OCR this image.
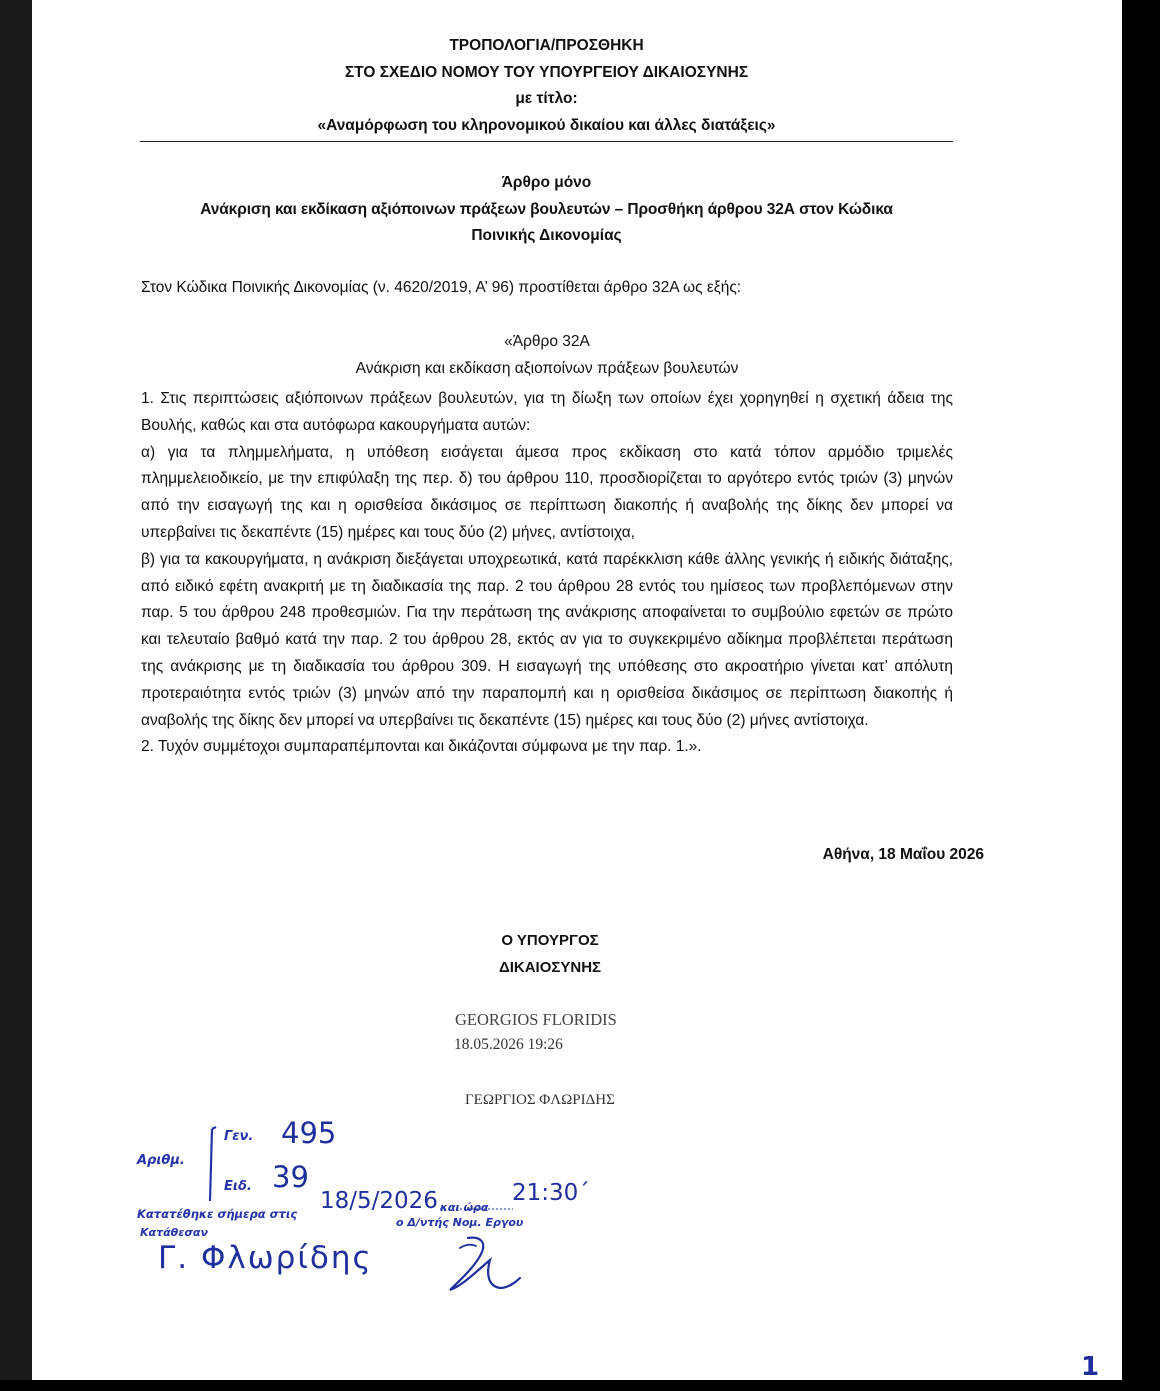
ΤΡΟΠΟΛΟΓΙΑ/ΠΡΟΣΘΗΚΗ
ΣΤΟ ΣΧΕΔΙΟ ΝΟΜΟΥ ΤΟΥ ΥΠΟΥΡΓΕΙΟΥ ΔΙΚΑΙΟΣΥΝΗΣ
με τίτλο:
«Αναμόρφωση του κληρονομικού δικαίου και άλλες διατάξεις»
Άρθρο μόνο
Ανάκριση και εκδίκαση αξιόποινων πράξεων βουλευτών – Προσθήκη άρθρου 32Α στον Κώδικα
Ποινικής Δικονομίας
Στον Κώδικα Ποινικής Δικονομίας (ν. 4620/2019, Α’ 96) προστίθεται άρθρο 32Α ως εξής:
«Άρθρο 32Α
Ανάκριση και εκδίκαση αξιοποίνων πράξεων βουλευτών

1. Στις περιπτώσεις αξιόποινων πράξεων βουλευτών, για τη δίωξη των οποίων έχει χορηγηθεί η σχετική άδεια της Βουλής, καθώς και στα αυτόφωρα κακουργήματα αυτών:

α) για τα πλημμελήματα, η υπόθεση εισάγεται άμεσα προς εκδίκαση στο κατά τόπον αρμόδιο τριμελές πλημμελειοδικείο, με την επιφύλαξη της περ. δ) του άρθρου 110, προσδιορίζεται το αργότερο εντός τριών (3) μηνών από την εισαγωγή της και η ορισθείσα δικάσιμος σε περίπτωση διακοπής ή αναβολής της δίκης δεν μπορεί να υπερβαίνει τις δεκαπέντε (15) ημέρες και τους δύο (2) μήνες, αντίστοιχα,

β) για τα κακουργήματα, η ανάκριση διεξάγεται υποχρεωτικά, κατά παρέκκλιση κάθε άλλης γενικής ή ειδικής διάταξης, από ειδικό εφέτη ανακριτή με τη διαδικασία της παρ. 2 του άρθρου 28 εντός του ημίσεος των προβλεπόμενων στην παρ. 5 του άρθρου 248 προθεσμιών. Για την περάτωση της ανάκρισης αποφαίνεται το συμβούλιο εφετών σε πρώτο και τελευταίο βαθμό κατά την παρ. 2 του άρθρου 28, εκτός αν για το συγκεκριμένο αδίκημα προβλέπεται περάτωση της ανάκρισης με τη διαδικασία του άρθρου 309. Η εισαγωγή της υπόθεσης στο ακροατήριο γίνεται κατ’ απόλυτη προτεραιότητα εντός τριών (3) μηνών από την παραπομπή και η ορισθείσα δικάσιμος σε περίπτωση διακοπής ή αναβολής της δίκης δεν μπορεί να υπερβαίνει τις δεκαπέντε (15) ημέρες και τους δύο (2) μήνες αντίστοιχα.

2. Τυχόν συμμέτοχοι συμπαραπέμπονται και δικάζονται σύμφωνα με την παρ. 1.».

Αθήνα, 18 Μαΐου 2026
Ο ΥΠΟΥΡΓΟΣ
ΔΙΚΑΙΟΣΥΝΗΣ
GEORGIOS FLORIDIS
18.05.2026 19:26
ΓΕΩΡΓΙΟΣ ΦΛΩΡΙΔΗΣ
Αριθμ.
Γεν. 495
Ειδ. 39
Κατατέθηκε σήμερα στις 18/5/2026 και ώρα
21:30΄
Κατάθεσαν
ο Δ/ντής Νομ. Εργου
Γ. Φλωρίδης
1
